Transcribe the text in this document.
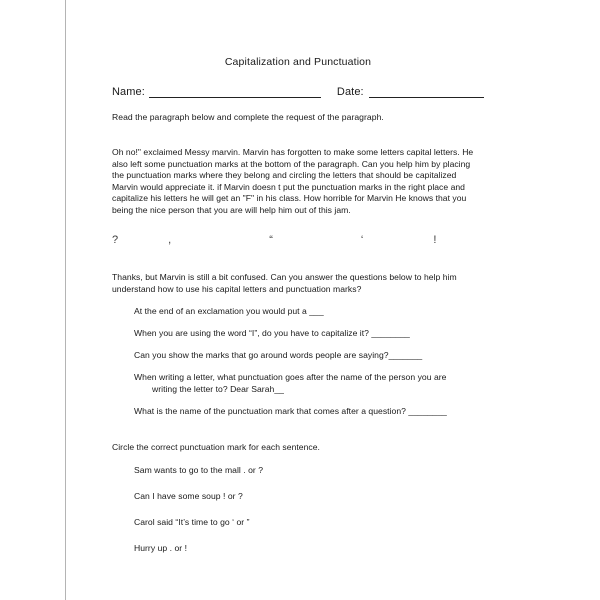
Capitalization and Punctuation
Name:	Date:
Read the paragraph below and complete the request of the paragraph.
Oh no!" exclaimed Messy marvin. Marvin has forgotten to make some letters capital letters. He also left some punctuation marks at the bottom of the paragraph. Can you help him by placing the punctuation marks where they belong and circling the letters that should be capitalized Marvin would appreciate it. if Marvin doesn t put the punctuation marks in the right place and capitalize his letters he will get an "F" in his class. How horrible for Marvin He knows that you being the nice person that you are will help him out of this jam.
?	,	“	‘	!
Thanks, but Marvin is still a bit confused. Can you answer the questions below to help him understand how to use his capital letters and punctuation marks?
At the end of an exclamation you would put a ___
When you are using the word “I”, do you have to capitalize it? ________
Can you show the marks that go around words people are saying?_______
When writing a letter, what punctuation goes after the name of the person you are
writing the letter to? Dear Sarah__
What is the name of the punctuation mark that comes after a question? ________
Circle the correct punctuation mark for each sentence.
Sam wants to go to the mall . or ?
Can I have some soup ! or ?
Carol said “It’s time to go ‘ or ”
Hurry up . or !
